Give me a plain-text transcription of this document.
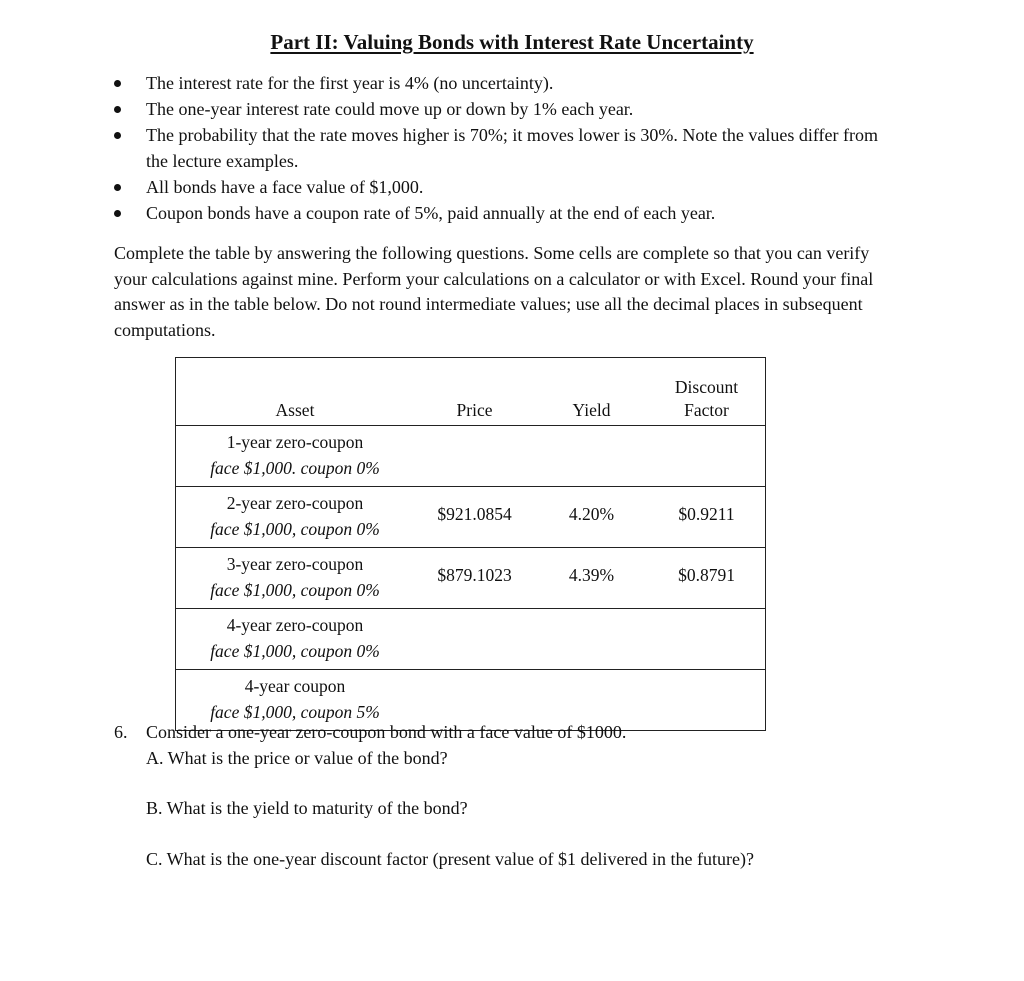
Part II: Valuing Bonds with Interest Rate Uncertainty
The interest rate for the first year is 4% (no uncertainty).
The one-year interest rate could move up or down by 1% each year.
The probability that the rate moves higher is 70%; it moves lower is 30%. Note the values differ from the lecture examples.
All bonds have a face value of $1,000.
Coupon bonds have a coupon rate of 5%, paid annually at the end of each year.

Complete the table by answering the following questions. Some cells are complete so that you can verify your calculations against mine. Perform your calculations on a calculator or with Excel. Round your final answer as in the table below. Do not round intermediate values; use all the decimal places in subsequent computations.

Asset	Price	Yield	Discount
Factor

1-year zero-coupon
face $1,000. coupon 0%			

2-year zero-coupon
face $1,000, coupon 0%	$921.0854	4.20%	$0.9211

3-year zero-coupon
face $1,000, coupon 0%	$879.1023	4.39%	$0.8791

4-year zero-coupon
face $1,000, coupon 0%			

4-year coupon
face $1,000, coupon 5%			

6. Consider a one-year zero-coupon bond with a face value of $1000.
A. What is the price or value of the bond?
B. What is the yield to maturity of the bond?
C. What is the one-year discount factor (present value of $1 delivered in the future)?
